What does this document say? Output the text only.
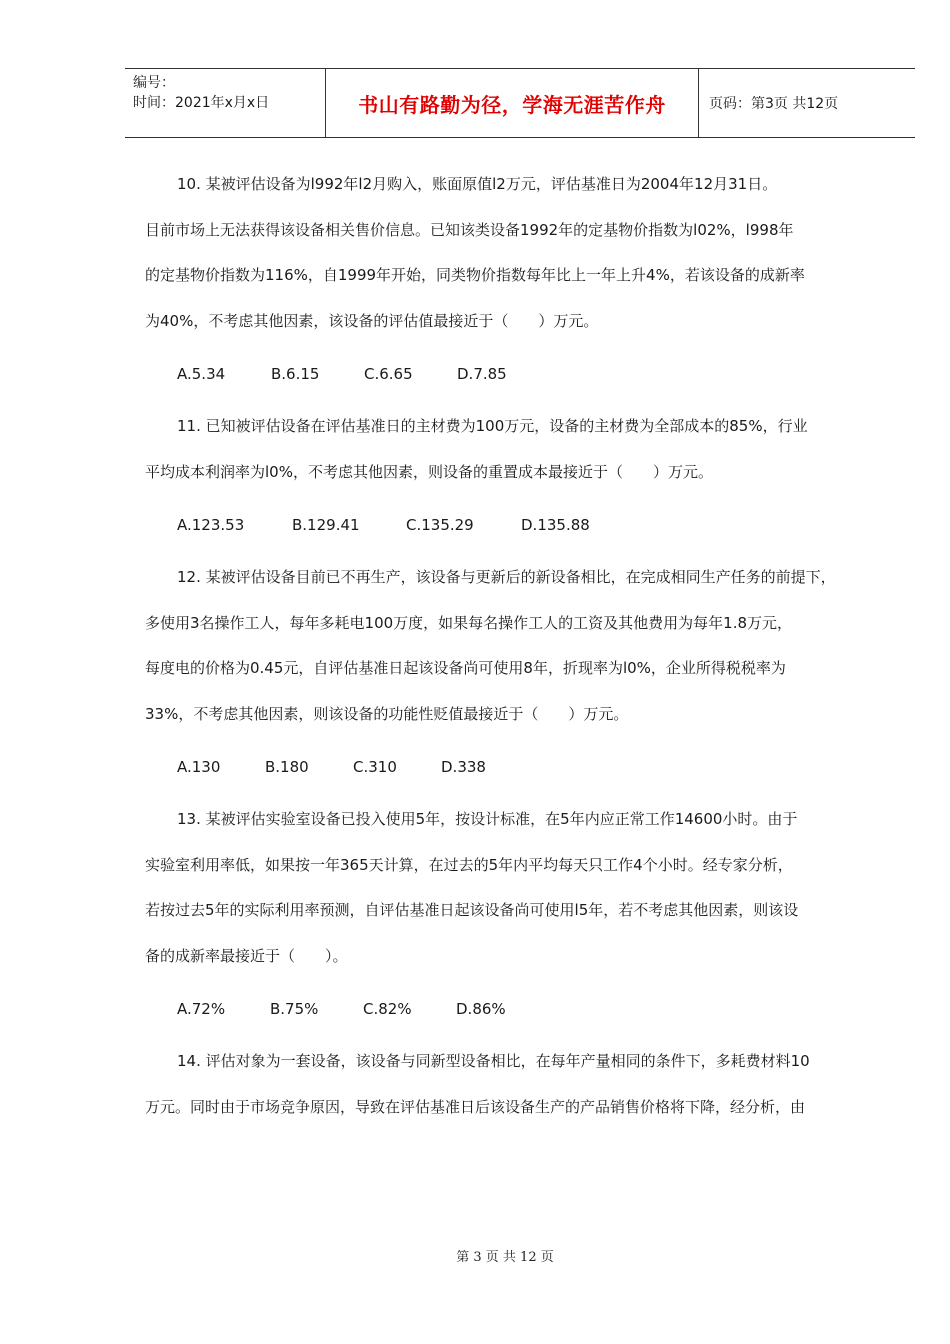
编号：
时间：2021年x月x日	书山有路勤为径，学海无涯苦作舟	页码：第3页 共12页

10. 某被评估设备为l992年l2月购入，账面原值l2万元，评估基准日为2004年12月31日。
目前市场上无法获得该设备相关售价信息。已知该类设备1992年的定基物价指数为l02%，l998年
的定基物价指数为116%，自1999年开始，同类物价指数每年比上一年上升4%，若该设备的成新率
为40%，不考虑其他因素，该设备的评估值最接近于（　　）万元。

A.5.34	B.6.15	C.6.65	D.7.85

11. 已知被评估设备在评估基准日的主材费为100万元，设备的主材费为全部成本的85%，行业
平均成本利润率为l0%，不考虑其他因素，则设备的重置成本最接近于（　　）万元。

A.123.53	B.129.41	C.135.29	D.135.88

12. 某被评估设备目前已不再生产，该设备与更新后的新设备相比，在完成相同生产任务的前提下，
多使用3名操作工人，每年多耗电100万度，如果每名操作工人的工资及其他费用为每年1.8万元，
每度电的价格为0.45元，自评估基准日起该设备尚可使用8年，折现率为l0%，企业所得税税率为
33%，不考虑其他因素，则该设备的功能性贬值最接近于（　　）万元。

A.130	B.180	C.310	D.338

13. 某被评估实验室设备已投入使用5年，按设计标准，在5年内应正常工作14600小时。由于
实验室利用率低，如果按一年365天计算，在过去的5年内平均每天只工作4个小时。经专家分析，
若按过去5年的实际利用率预测，自评估基准日起该设备尚可使用l5年，若不考虑其他因素，则该设
备的成新率最接近于（　　）。

A.72%	B.75%	C.82%	D.86%

14. 评估对象为一套设备，该设备与同新型设备相比，在每年产量相同的条件下，多耗费材料10
万元。同时由于市场竞争原因，导致在评估基准日后该设备生产的产品销售价格将下降，经分析，由

第 3 页 共 12 页
